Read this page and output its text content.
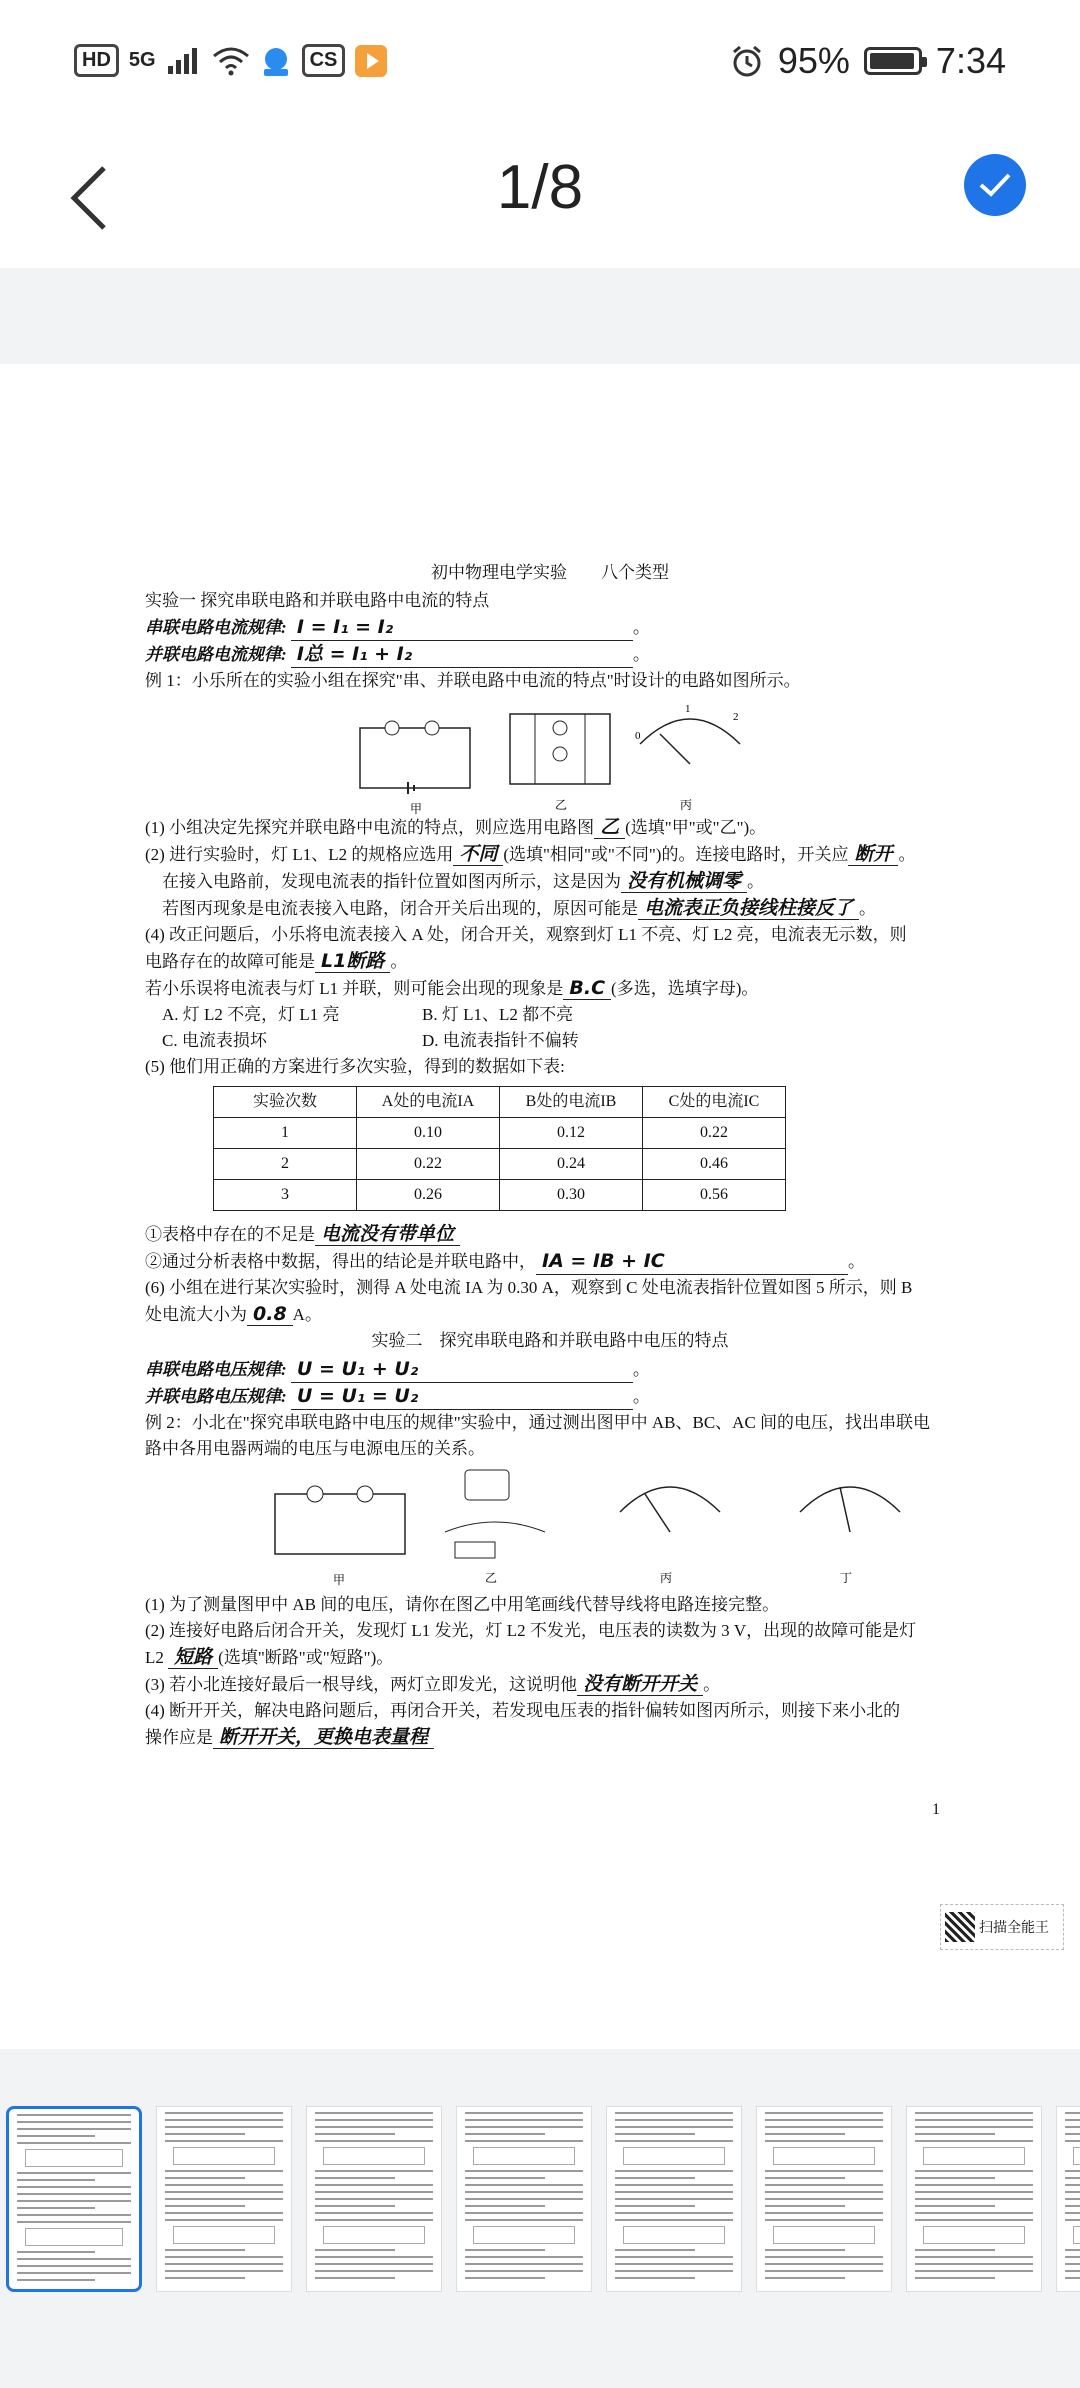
HD 5G	CS	95% 7:34
1/8

初中物理电学实验　　八个类型

实验一 探究串联电路和并联电路中电流的特点

串联电路电流规律: I = I₁ = I₂	。

并联电路电流规律: I总 = I₁ + I₂	。

例 1：小乐所在的实验小组在探究"串、并联电路中电流的特点"时设计的电路如图所示。

甲	乙
0
1
2
丙

(1) 小组决定先探究并联电路中电流的特点，则应选用电路图 乙 (选填"甲"或"乙")。

(2) 进行实验时，灯 L1、L2 的规格应选用 不同 (选填"相同"或"不同")的。连接电路时，开关应 断开 。

　在接入电路前，发现电流表的指针位置如图丙所示，这是因为 没有机械调零 。

　若图丙现象是电流表接入电路，闭合开关后出现的，原因可能是 电流表正负接线柱接反了 。

(4) 改正问题后，小乐将电流表接入 A 处，闭合开关，观察到灯 L1 不亮、灯 L2 亮，电流表无示数，则

电路存在的故障可能是 L1断路 。

若小乐误将电流表与灯 L1 并联，则可能会出现的现象是 B.C (多选，选填字母)。

　A. 灯 L2 不亮，灯 L1 亮	B. 灯 L1、L2 都不亮

　C. 电流表损坏	D. 电流表指针不偏转

(5) 他们用正确的方案进行多次实验，得到的数据如下表:

实验次数	A处的电流IA	B处的电流IB	C处的电流IC
1	0.10	0.12	0.22
2	0.22	0.24	0.46
3	0.26	0.30	0.56

①表格中存在的不足是 电流没有带单位

②通过分析表格中数据，得出的结论是并联电路中， IA = IB + IC	。

(6) 小组在进行某次实验时，测得 A 处电流 IA 为 0.30 A，观察到 C 处电流表指针位置如图 5 所示，则 B

处电流大小为 0.8 A。

实验二　探究串联电路和并联电路中电压的特点

串联电路电压规律: U = U₁ + U₂	。

并联电路电压规律: U = U₁ = U₂	。

例 2：小北在"探究串联电路中电压的规律"实验中，通过测出图甲中 AB、BC、AC 间的电压，找出串联电

路中各用电器两端的电压与电源电压的关系。

甲	乙	丙	丁

(1) 为了测量图甲中 AB 间的电压，请你在图乙中用笔画线代替导线将电路连接完整。

(2) 连接好电路后闭合开关，发现灯 L1 发光，灯 L2 不发光，电压表的读数为 3 V，出现的故障可能是灯

L2 短路 (选填"断路"或"短路")。

(3) 若小北连接好最后一根导线，两灯立即发光，这说明他 没有断开开关 。

(4) 断开开关，解决电路问题后，再闭合开关，若发现电压表的指针偏转如图丙所示，则接下来小北的

操作应是 断开开关，更换电表量程

1
扫描全能王
